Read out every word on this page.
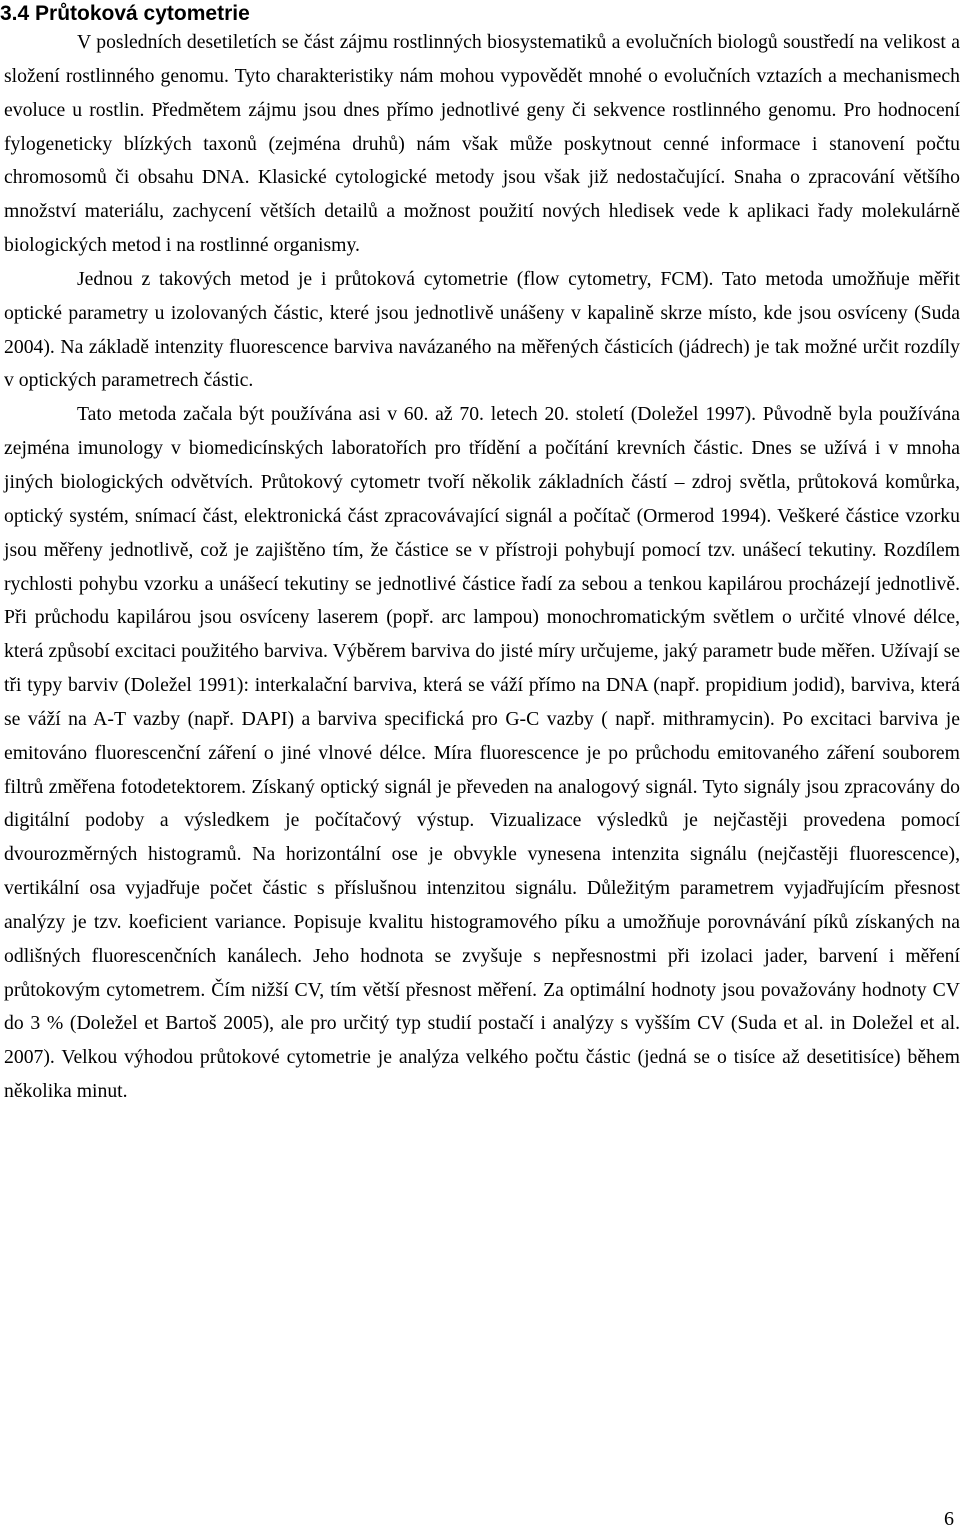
3.4 Průtoková cytometrie

V posledních desetiletích se část zájmu rostlinných biosystematiků a evolučních biologů soustředí na velikost a složení rostlinného genomu. Tyto charakteristiky nám mohou vypovědět mnohé o evolučních vztazích a mechanismech evoluce u rostlin. Předmětem zájmu jsou dnes přímo jednotlivé geny či sekvence rostlinného genomu. Pro hodnocení fylogeneticky blízkých taxonů (zejména druhů) nám však může poskytnout cenné informace i stanovení počtu chromosomů či obsahu DNA. Klasické cytologické metody jsou však již nedostačující. Snaha o zpracování většího množství materiálu, zachycení větších detailů a možnost použití nových hledisek vede k aplikaci řady molekulárně biologických metod i na rostlinné organismy.

Jednou z takových metod je i průtoková cytometrie (flow cytometry, FCM). Tato metoda umožňuje měřit optické parametry u izolovaných částic, které jsou jednotlivě unášeny v kapalině skrze místo, kde jsou osvíceny (Suda 2004). Na základě intenzity fluorescence barviva navázaného na měřených částicích (jádrech) je tak možné určit rozdíly v optických parametrech částic.

Tato metoda začala být používána asi v 60. až 70. letech 20. století (Doležel 1997). Původně byla používána zejména imunology v biomedicínských laboratořích pro třídění a počítání krevních částic. Dnes se užívá i v mnoha jiných biologických odvětvích. Průtokový cytometr tvoří několik základních částí – zdroj světla, průtoková komůrka, optický systém, snímací část, elektronická část zpracovávající signál a počítač (Ormerod 1994). Veškeré částice vzorku jsou měřeny jednotlivě, což je zajištěno tím, že částice se v přístroji pohybují pomocí tzv. unášecí tekutiny. Rozdílem rychlosti pohybu vzorku a unášecí tekutiny se jednotlivé částice řadí za sebou a tenkou kapilárou procházejí jednotlivě. Při průchodu kapilárou jsou osvíceny laserem (popř. arc lampou) monochromatickým světlem o určité vlnové délce, která způsobí excitaci použitého barviva. Výběrem barviva do jisté míry určujeme, jaký parametr bude měřen. Užívají se tři typy barviv (Doležel 1991): interkalační barviva, která se váží přímo na DNA (např. propidium jodid), barviva, která se váží na A-T vazby (např. DAPI) a barviva specifická pro G-C vazby ( např. mithramycin). Po excitaci barviva je emitováno fluorescenční záření o jiné vlnové délce. Míra fluorescence je po průchodu emitovaného záření souborem filtrů změřena fotodetektorem. Získaný optický signál je převeden na analogový signál. Tyto signály jsou zpracovány do digitální podoby a výsledkem je počítačový výstup. Vizualizace výsledků je nejčastěji provedena pomocí dvourozměrných histogramů. Na horizontální ose je obvykle vynesena intenzita signálu (nejčastěji fluorescence), vertikální osa vyjadřuje počet částic s příslušnou intenzitou signálu. Důležitým parametrem vyjadřujícím přesnost analýzy je tzv. koeficient variance. Popisuje kvalitu histogramového píku a umožňuje porovnávání píků získaných na odlišných fluorescenčních kanálech. Jeho hodnota se zvyšuje s nepřesnostmi při izolaci jader, barvení i měření průtokovým cytometrem. Čím nižší CV, tím větší přesnost měření. Za optimální hodnoty jsou považovány hodnoty CV do 3 % (Doležel et Bartoš 2005), ale pro určitý typ studií postačí i analýzy s vyšším CV (Suda et al. in Doležel et al. 2007). Velkou výhodou průtokové cytometrie je analýza velkého počtu částic (jedná se o tisíce až desetitisíce) během několika minut.

6
